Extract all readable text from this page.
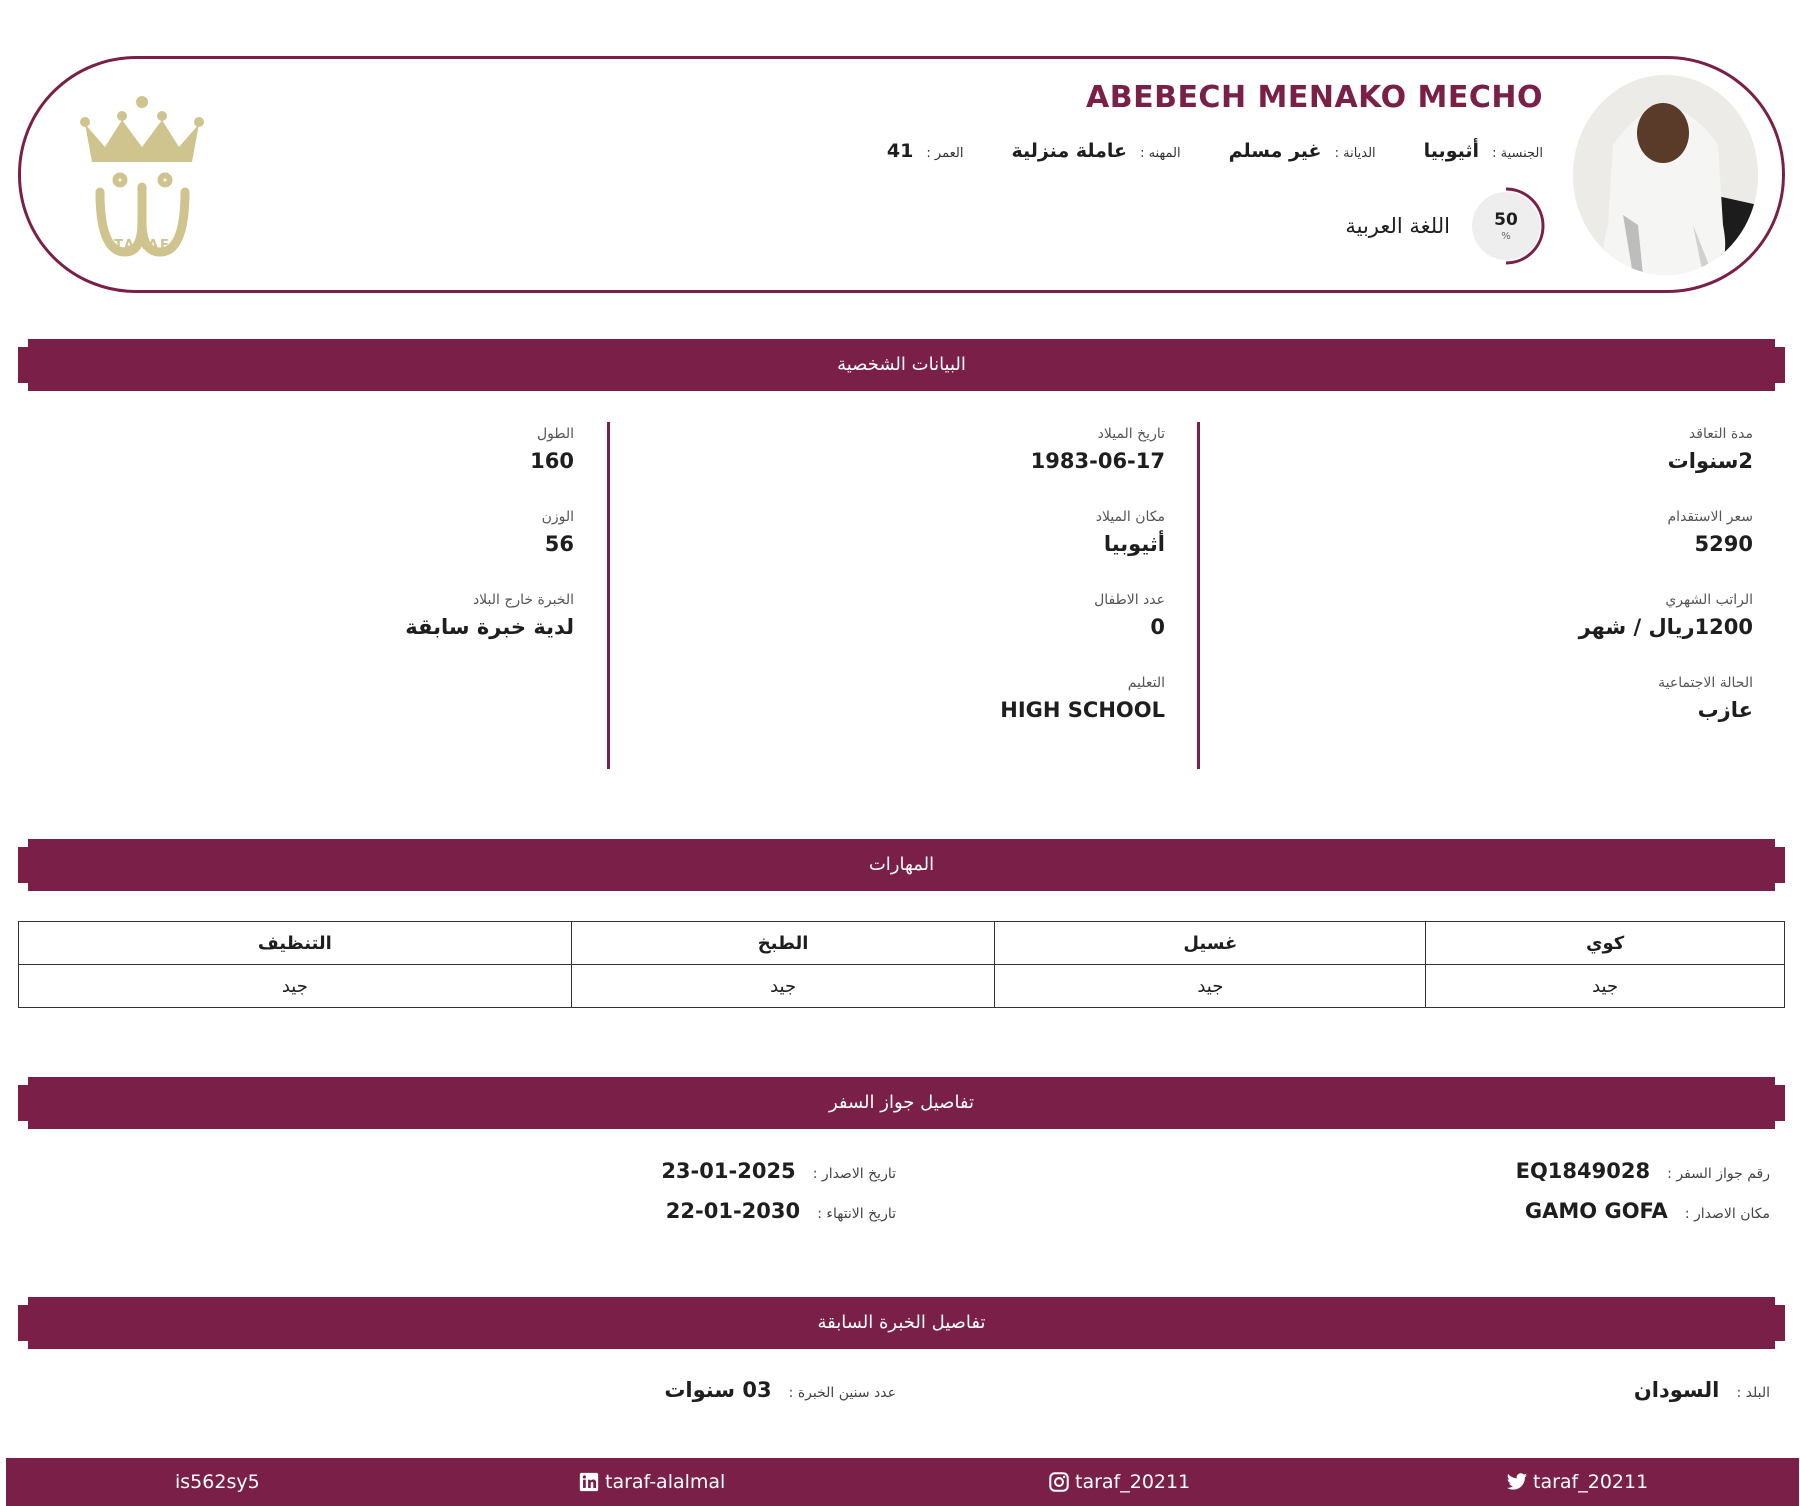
ABEBECH MENAKO MECHO
الجنسية : أثيوبيا
الديانة : غير مسلم
المهنه : عاملة منزلية
العمر : 41
50
%
اللغة العربية
TARAF
البيانات الشخصية
مدة التعاقد
2سنوات
سعر الاستقدام
5290
الراتب الشهري
1200ريال / شهر
الحالة الاجتماعية
عازب
تاريخ الميلاد
1983-06-17
مكان الميلاد
أثيوبيا
عدد الاطفال
0
التعليم
HIGH SCHOOL
الطول
160
الوزن
56
الخبرة خارج البلاد
لدية خبرة سابقة
المهارات
كوي	غسيل	الطبخ	التنظيف
جيد	جيد	جيد	جيد
تفاصيل جواز السفر
رقم جواز السفر : EQ1849028
مكان الاصدار : GAMO GOFA
تاريخ الاصدار : 2025-01-23
تاريخ الانتهاء : 2030-01-22
تفاصيل الخبرة السابقة
البلد : السودان
عدد سنين الخبرة : 03 سنوات
taraf_20211
taraf_20211
taraf-alalmal
is562sy5
